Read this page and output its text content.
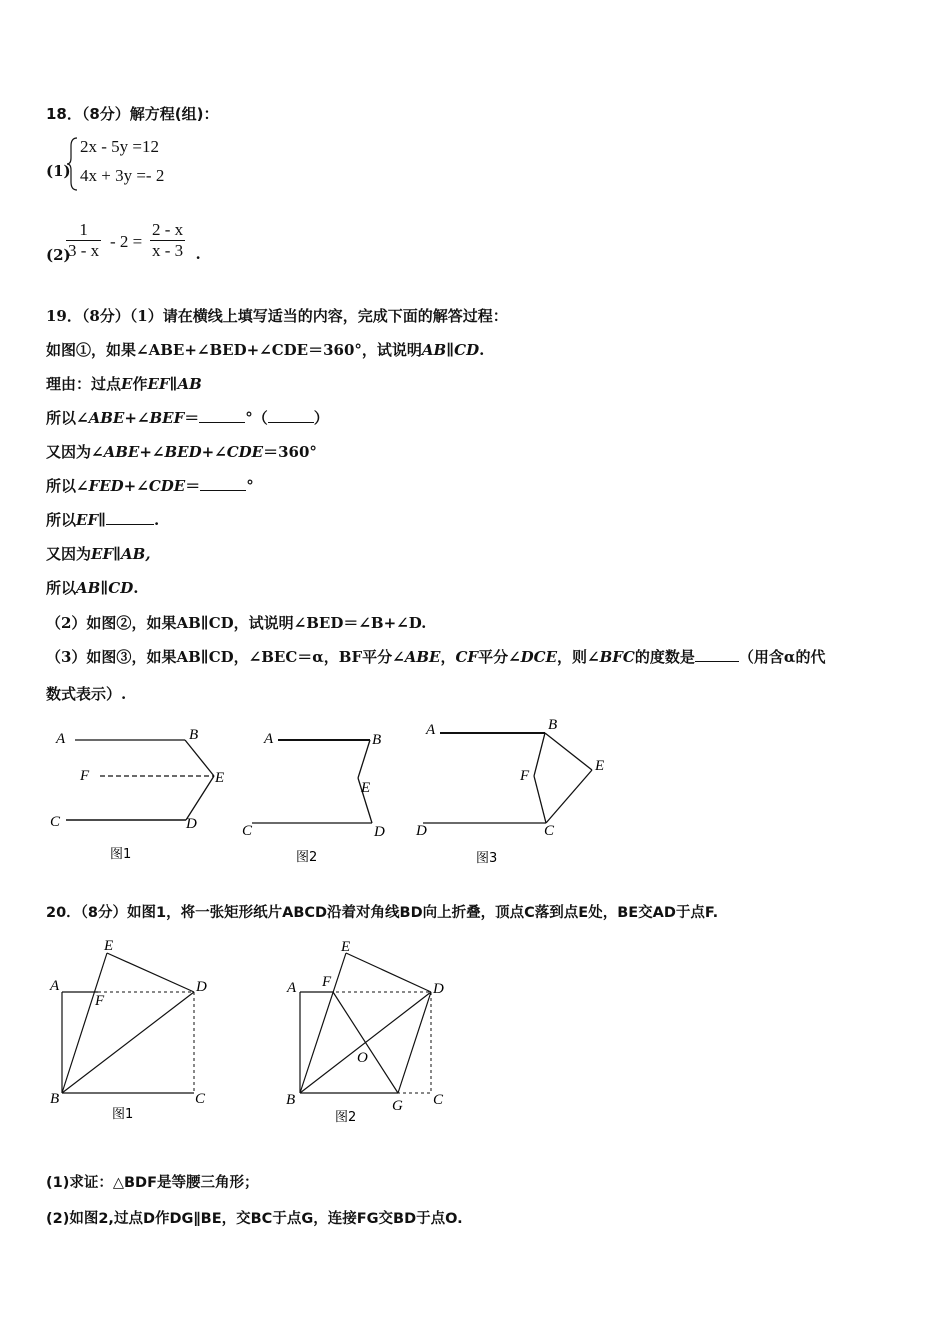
18．（8分）解方程(组)：
(1)
2x - 5y =12
4x + 3y =- 2
(2)
$\frac{1}{3 - x} - 2 = \frac{2 - x}{x - 3}$ .
19．（8分）（1）请在横线上填写适当的内容，完成下面的解答过程：
如图①，如果∠ABE+∠BED+∠CDE＝360°，试说明AB∥CD.
理由：过点E作EF∥AB
所以∠ABE+∠BEF＝	°（	）
又因为∠ABE+∠BED+∠CDE＝360°
所以∠FED+∠CDE＝	°
所以EF∥	.
又因为EF∥AB,
所以AB∥CD.
（2）如图②，如果AB∥CD，试说明∠BED＝∠B+∠D.
（3）如图③，如果AB∥CD，∠BEC＝α，BF平分∠ABE，CF平分∠DCE，则∠BFC的度数是	（用含α的代
数式表示）.
A	B
F	E
C	D
图1
A	B
E
C	D
图2
A	B
F
E
D	C
图3
20．（8分）如图1，将一张矩形纸片ABCD沿着对角线BD向上折叠，顶点C落到点E处，BE交AD于点F.
E
A
F
D
B	C
图1
E
A F	D
O
B	G C
图2
(1)求证：△BDF是等腰三角形；
(2)如图2,过点D作DG∥BE，交BC于点G，连接FG交BD于点O.
